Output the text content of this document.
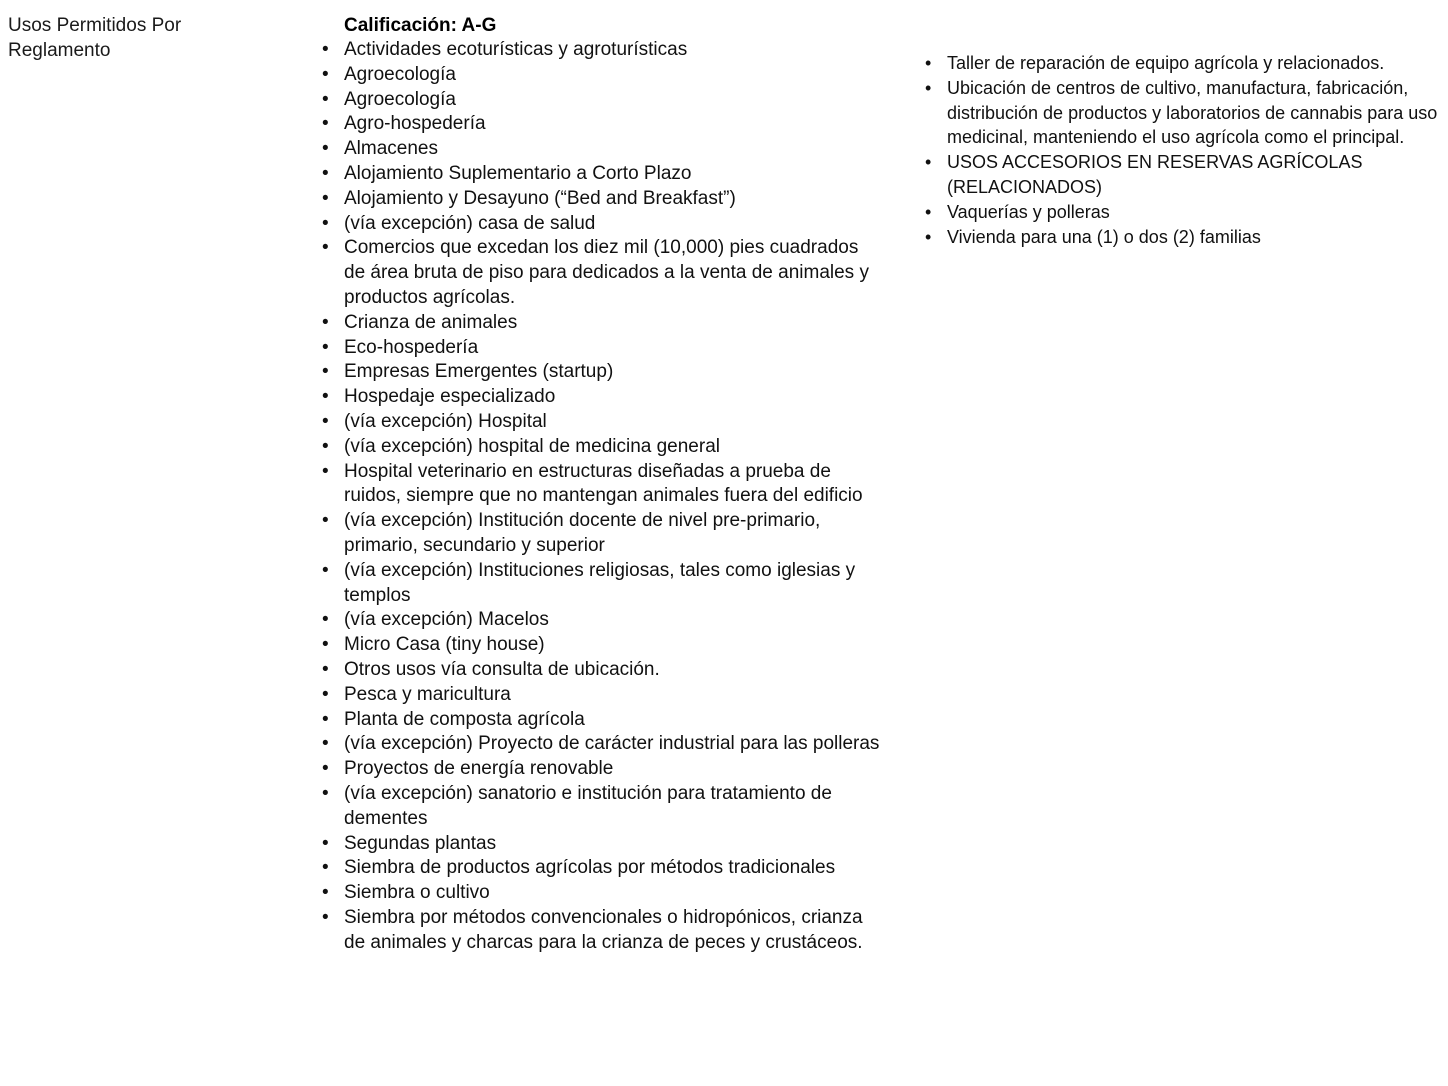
Usos Permitidos Por Reglamento
Calificación: A-G
• Actividades ecoturísticas y agroturísticas
• Agroecología
• Agroecología
• Agro-hospedería
• Almacenes
• Alojamiento Suplementario a Corto Plazo
• Alojamiento y Desayuno (“Bed and Breakfast”)
• (vía excepción) casa de salud
• Comercios que excedan los diez mil (10,000) pies cuadrados de área bruta de piso para dedicados a la venta de animales y productos agrícolas.
• Crianza de animales
• Eco-hospedería
• Empresas Emergentes (startup)
• Hospedaje especializado
• (vía excepción) Hospital
• (vía excepción) hospital de medicina general
• Hospital veterinario en estructuras diseñadas a prueba de ruidos, siempre que no mantengan animales fuera del edificio
• (vía excepción) Institución docente de nivel pre-primario, primario, secundario y superior
• (vía excepción) Instituciones religiosas, tales como iglesias y templos
• (vía excepción) Macelos
• Micro Casa (tiny house)
• Otros usos vía consulta de ubicación.
• Pesca y maricultura
• Planta de composta agrícola
• (vía excepción) Proyecto de carácter industrial para las polleras
• Proyectos de energía renovable
• (vía excepción) sanatorio e institución para tratamiento de dementes
• Segundas plantas
• Siembra de productos agrícolas por métodos tradicionales
• Siembra o cultivo
• Siembra por métodos convencionales o hidropónicos, crianza de animales y charcas para la crianza de peces y crustáceos.
• Taller de reparación de equipo agrícola y relacionados.
• Ubicación de centros de cultivo, manufactura, fabricación, distribución de productos y laboratorios de cannabis para uso medicinal, manteniendo el uso agrícola como el principal.
• USOS ACCESORIOS EN RESERVAS AGRÍCOLAS (RELACIONADOS)
• Vaquerías y polleras
• Vivienda para una (1) o dos (2) familias
